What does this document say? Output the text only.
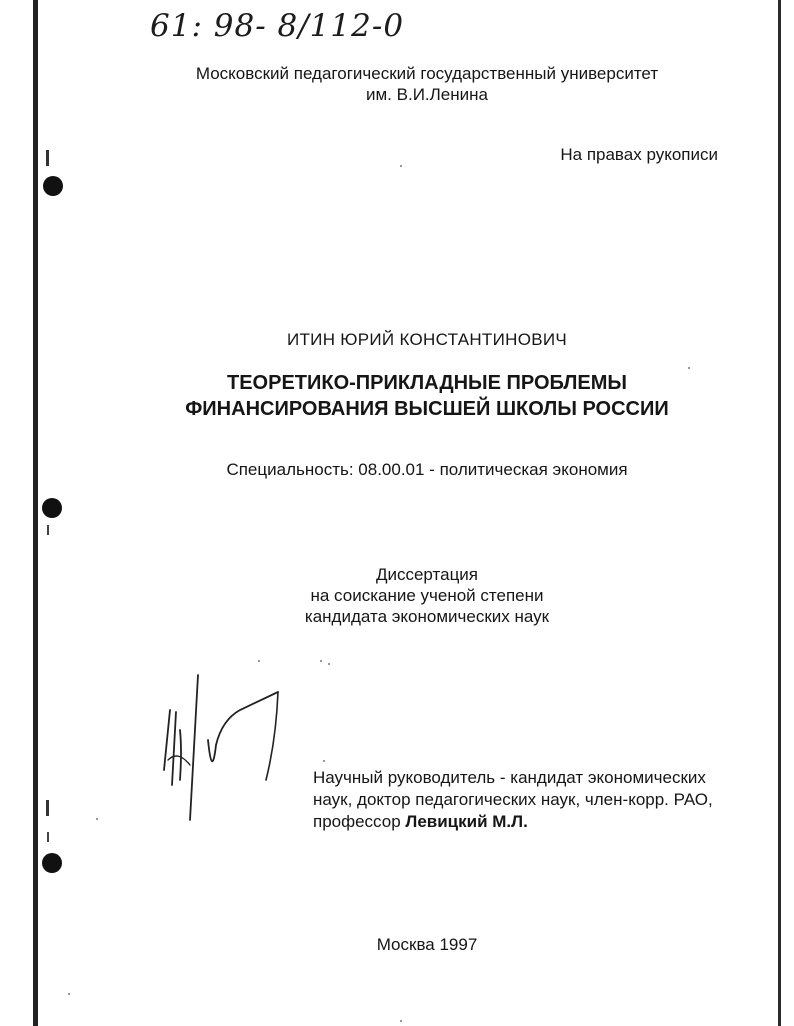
61: 98- 8/112-0
Московский педагогический государственный университет
им. В.И.Ленина
На правах рукописи
ИТИН ЮРИЙ КОНСТАНТИНОВИЧ
ТЕОРЕТИКО-ПРИКЛАДНЫЕ ПРОБЛЕМЫ
ФИНАНСИРОВАНИЯ ВЫСШЕЙ ШКОЛЫ РОССИИ
Специальность: 08.00.01 - политическая экономия
Диссертация
на соискание ученой степени
кандидата экономических наук
Научный руководитель - кандидат экономических
наук, доктор педагогических наук, член-корр. РАО,
профессор Левицкий М.Л.
Москва 1997
